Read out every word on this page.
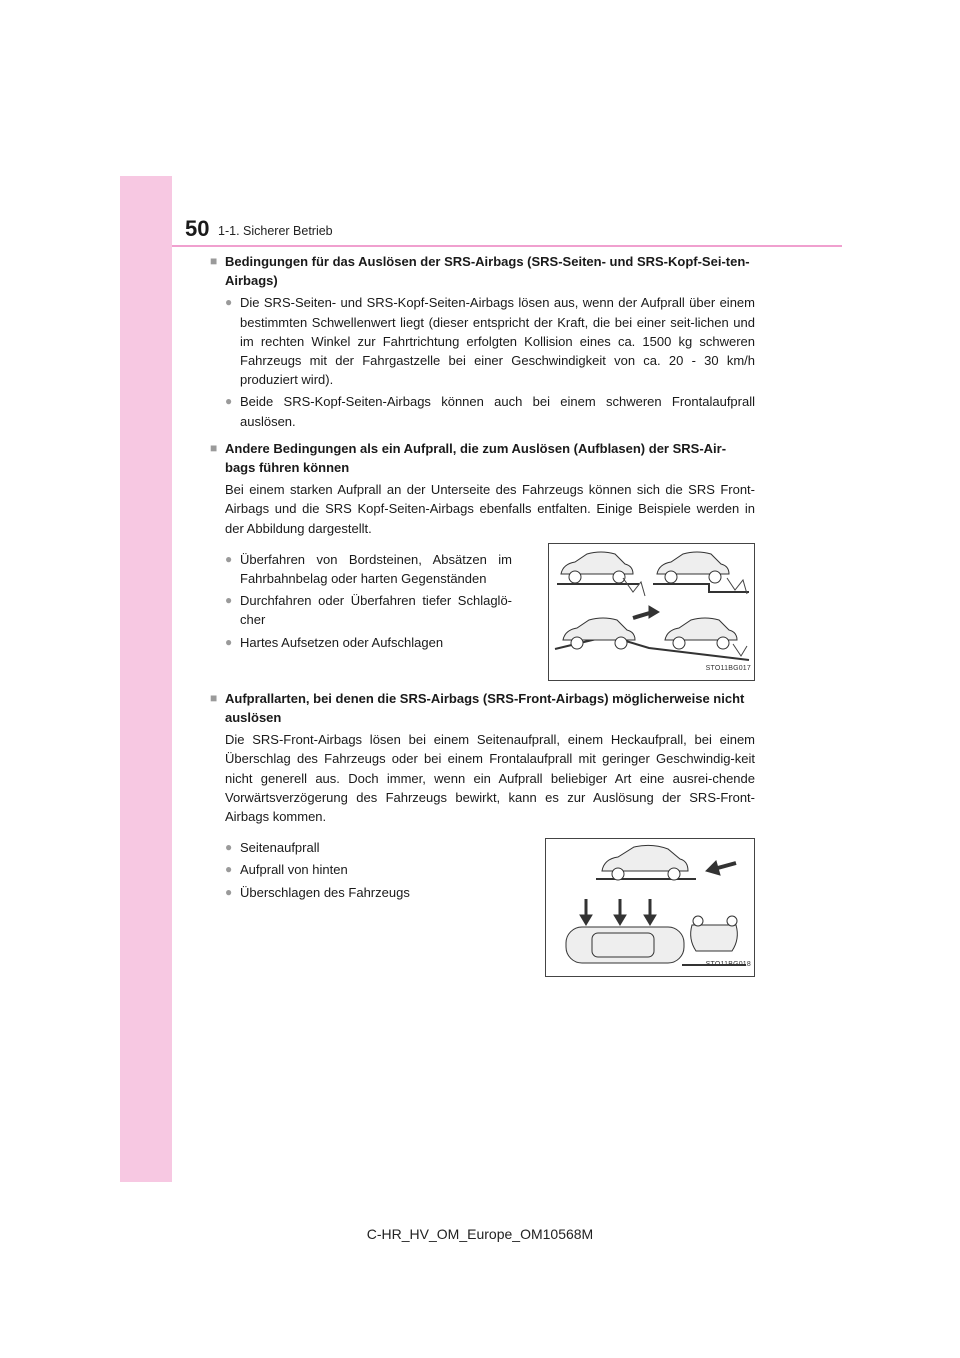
50 1-1. Sicherer Betrieb
■ Bedingungen für das Auslösen der SRS-Airbags (SRS-Seiten- und SRS-Kopf-Sei-ten-Airbags)
● Die SRS-Seiten- und SRS-Kopf-Seiten-Airbags lösen aus, wenn der Aufprall über einem bestimmten Schwellenwert liegt (dieser entspricht der Kraft, die bei einer seit-lichen und im rechten Winkel zur Fahrtrichtung erfolgten Kollision eines ca. 1500 kg schweren Fahrzeugs mit der Fahrgastzelle bei einer Geschwindigkeit von ca. 20 - 30 km/h produziert wird).
● Beide SRS-Kopf-Seiten-Airbags können auch bei einem schweren Frontalaufprall auslösen.
■ Andere Bedingungen als ein Aufprall, die zum Auslösen (Aufblasen) der SRS-Air-bags führen können
Bei einem starken Aufprall an der Unterseite des Fahrzeugs können sich die SRS Front-Airbags und die SRS Kopf-Seiten-Airbags ebenfalls entfalten. Einige Beispiele werden in der Abbildung dargestellt.
● Überfahren von Bordsteinen, Absätzen im Fahrbahnbelag oder harten Gegenständen
● Durchfahren oder Überfahren tiefer Schlaglö-cher
● Hartes Aufsetzen oder Aufschlagen
STO11BG017
■ Aufprallarten, bei denen die SRS-Airbags (SRS-Front-Airbags) möglicherweise nicht auslösen
Die SRS-Front-Airbags lösen bei einem Seitenaufprall, einem Heckaufprall, bei einem Überschlag des Fahrzeugs oder bei einem Frontalaufprall mit geringer Geschwindig-keit nicht generell aus. Doch immer, wenn ein Aufprall beliebiger Art eine ausrei-chende Vorwärtsverzögerung des Fahrzeugs bewirkt, kann es zur Auslösung der SRS-Front-Airbags kommen.
● Seitenaufprall
● Aufprall von hinten
● Überschlagen des Fahrzeugs
STO11BG018
C-HR_HV_OM_Europe_OM10568M
